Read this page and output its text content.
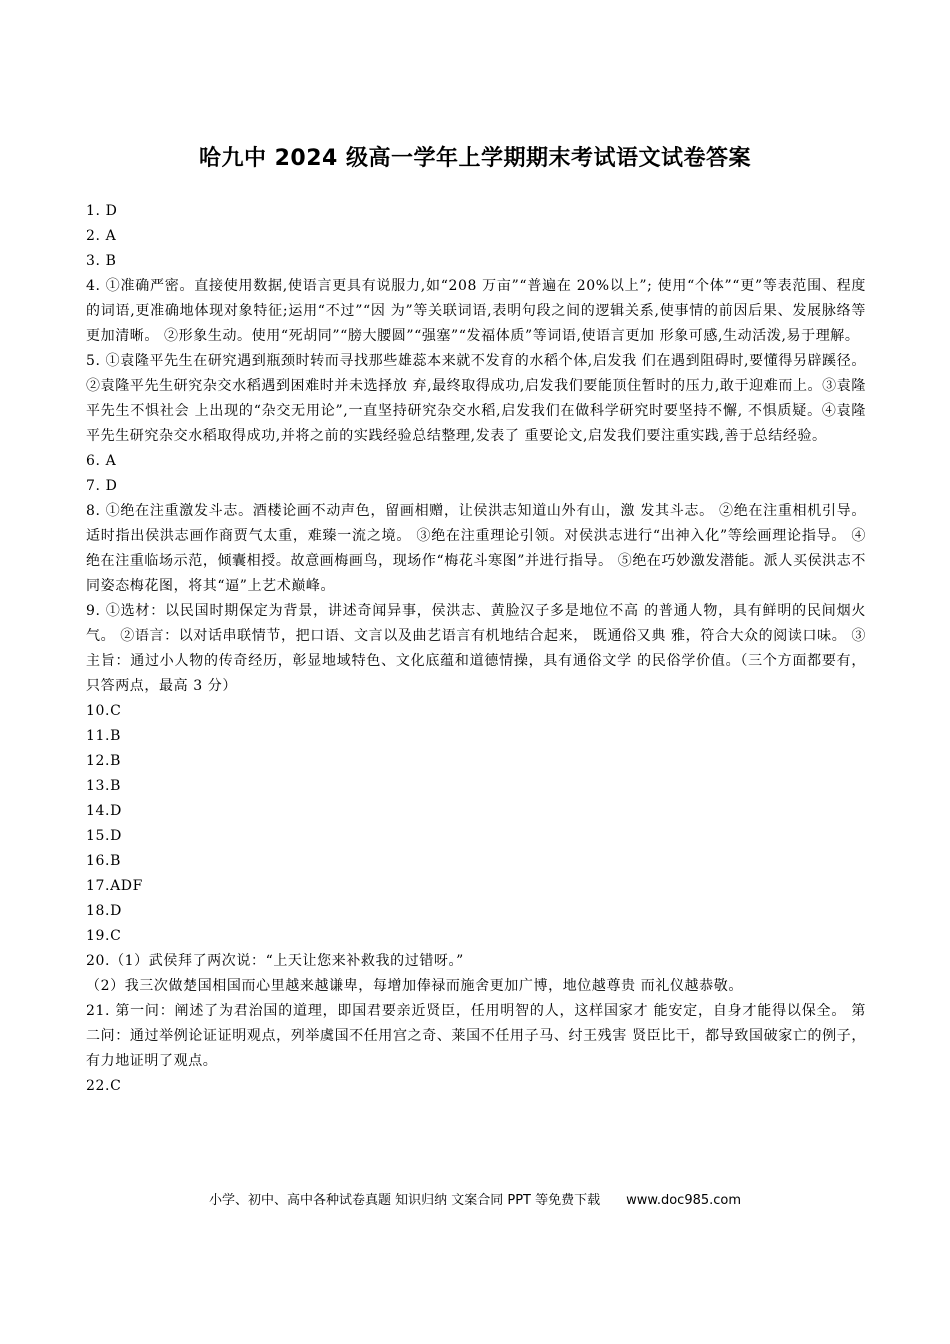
哈九中 2024 级高一学年上学期期末考试语文试卷答案
1. D
2. A
3. B
4. ①准确严密。直接使用数据,使语言更具有说服力,如“208 万亩”“普遍在 20%以上”; 使用“个体”“更”等表范围、程度的词语,更准确地体现对象特征;运用“不过”“因 为”等关联词语,表明句段之间的逻辑关系,使事情的前因后果、发展脉络等更加清晰。 ②形象生动。使用“死胡同”“膀大腰圆”“强塞”“发福体质”等词语,使语言更加 形象可感,生动活泼,易于理解。
5. ①袁隆平先生在研究遇到瓶颈时转而寻找那些雄蕊本来就不发育的水稻个体,启发我 们在遇到阻碍时,要懂得另辟蹊径。②袁隆平先生研究杂交水稻遇到困难时并未选择放 弃,最终取得成功,启发我们要能顶住暂时的压力,敢于迎难而上。③袁隆平先生不惧社会 上出现的“杂交无用论”,一直坚持研究杂交水稻,启发我们在做科学研究时要坚持不懈, 不惧质疑。④袁隆平先生研究杂交水稻取得成功,并将之前的实践经验总结整理,发表了 重要论文,启发我们要注重实践,善于总结经验。
6. A
7. D
8. ①绝在注重激发斗志。酒楼论画不动声色，留画相赠，让侯洪志知道山外有山，激 发其斗志。 ②绝在注重相机引导。适时指出侯洪志画作商贾气太重，难臻一流之境。 ③绝在注重理论引领。对侯洪志进行“出神入化”等绘画理论指导。 ④绝在注重临场示范，倾囊相授。故意画梅画鸟，现场作“梅花斗寒图”并进行指导。 ⑤绝在巧妙激发潜能。派人买侯洪志不同姿态梅花图，将其“逼”上艺术巅峰。
9. ①选材：以民国时期保定为背景，讲述奇闻异事，侯洪志、黄脸汉子多是地位不高 的普通人物，具有鲜明的民间烟火气。 ②语言：以对话串联情节，把口语、文言以及曲艺语言有机地结合起来， 既通俗又典 雅，符合大众的阅读口味。 ③主旨：通过小人物的传奇经历，彰显地域特色、文化底蕴和道德情操，具有通俗文学 的民俗学价值。（三个方面都要有，只答两点，最高 3 分）
10.C
11.B
12.B
13.B
14.D
15.D
16.B
17.ADF
18.D
19.C
20.（1）武侯拜了两次说：“上天让您来补救我的过错呀。”
（2）我三次做楚国相国而心里越来越谦卑，每增加俸禄而施舍更加广博，地位越尊贵 而礼仪越恭敬。
21. 第一问：阐述了为君治国的道理，即国君要亲近贤臣，任用明智的人，这样国家才 能安定，自身才能得以保全。 第二问：通过举例论证证明观点，列举虞国不任用宫之奇、莱国不任用子马、纣王残害 贤臣比干，都导致国破家亡的例子，有力地证明了观点。
22.C
小学、初中、高中各种试卷真题 知识归纳 文案合同 PPT 等免费下载 www.doc985.com
